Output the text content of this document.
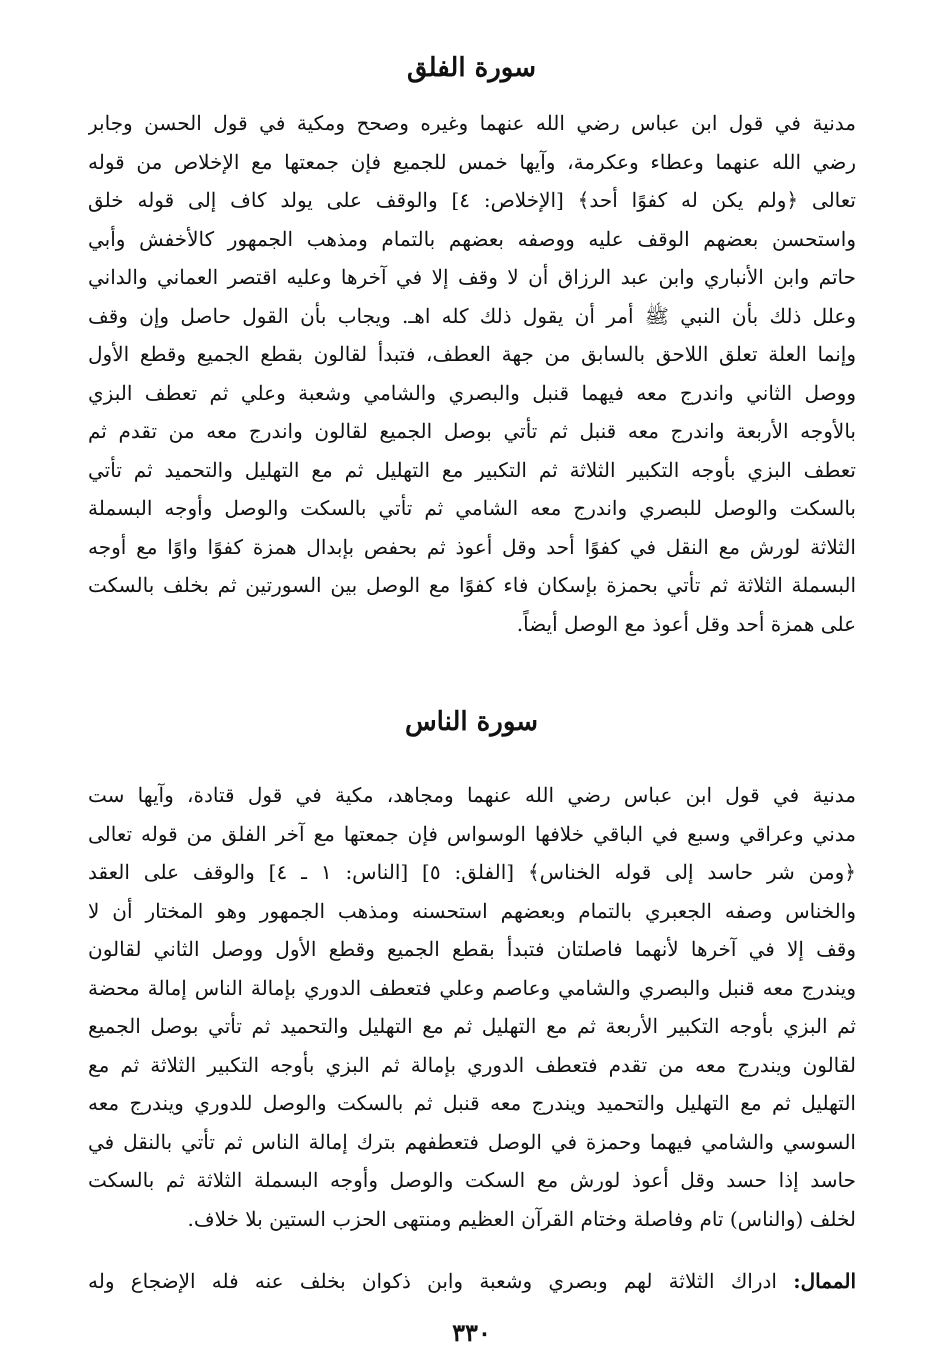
سورة الفلق
مدنية في قول ابن عباس رضي الله عنهما وغيره وصحح ومكية في قول الحسن وجابر
رضي الله عنهما وعطاء وعكرمة، وآيها خمس للجميع فإن جمعتها مع الإخلاص من قوله
تعالى ﴿ولم يكن له كفوًا أحد﴾ [الإخلاص: ٤] والوقف على يولد كاف إلى قوله خلق
واستحسن بعضهم الوقف عليه ووصفه بعضهم بالتمام ومذهب الجمهور كالأخفش وأبي
حاتم وابن الأنباري وابن عبد الرزاق أن لا وقف إلا في آخرها وعليه اقتصر العماني والداني
وعلل ذلك بأن النبي ﷺ أمر أن يقول ذلك كله اهـ. ويجاب بأن القول حاصل وإن وقف
وإنما العلة تعلق اللاحق بالسابق من جهة العطف، فتبدأ لقالون بقطع الجميع وقطع الأول
ووصل الثاني واندرج معه فيهما قنبل والبصري والشامي وشعبة وعلي ثم تعطف البزي
بالأوجه الأربعة واندرج معه قنبل ثم تأتي بوصل الجميع لقالون واندرج معه من تقدم ثم
تعطف البزي بأوجه التكبير الثلاثة ثم التكبير مع التهليل ثم مع التهليل والتحميد ثم تأتي
بالسكت والوصل للبصري واندرج معه الشامي ثم تأتي بالسكت والوصل وأوجه البسملة
الثلاثة لورش مع النقل في كفوًا أحد وقل أعوذ ثم بحفص بإبدال همزة كفوًا واوًا مع أوجه
البسملة الثلاثة ثم تأتي بحمزة بإسكان فاء كفوًا مع الوصل بين السورتين ثم بخلف بالسكت
على همزة أحد وقل أعوذ مع الوصل أيضاً.
سورة الناس
مدنية في قول ابن عباس رضي الله عنهما ومجاهد، مكية في قول قتادة، وآيها ست
مدني وعراقي وسبع في الباقي خلافها الوسواس فإن جمعتها مع آخر الفلق من قوله تعالى
﴿ومن شر حاسد إلى قوله الخناس﴾ [الفلق: ٥] [الناس: ١ ـ ٤] والوقف على العقد
والخناس وصفه الجعبري بالتمام وبعضهم استحسنه ومذهب الجمهور وهو المختار أن لا
وقف إلا في آخرها لأنهما فاصلتان فتبدأ بقطع الجميع وقطع الأول ووصل الثاني لقالون
ويندرج معه قنبل والبصري والشامي وعاصم وعلي فتعطف الدوري بإمالة الناس إمالة محضة
ثم البزي بأوجه التكبير الأربعة ثم مع التهليل ثم مع التهليل والتحميد ثم تأتي بوصل الجميع
لقالون ويندرج معه من تقدم فتعطف الدوري بإمالة ثم البزي بأوجه التكبير الثلاثة ثم مع
التهليل ثم مع التهليل والتحميد ويندرج معه قنبل ثم بالسكت والوصل للدوري ويندرج معه
السوسي والشامي فيهما وحمزة في الوصل فتعطفهم بترك إمالة الناس ثم تأتي بالنقل في
حاسد إذا حسد وقل أعوذ لورش مع السكت والوصل وأوجه البسملة الثلاثة ثم بالسكت
لخلف (والناس) تام وفاصلة وختام القرآن العظيم ومنتهى الحزب الستين بلا خلاف.
الممال: ادراك الثلاثة لهم وبصري وشعبة وابن ذكوان بخلف عنه فله الإضجاع وله
٣٣٠
